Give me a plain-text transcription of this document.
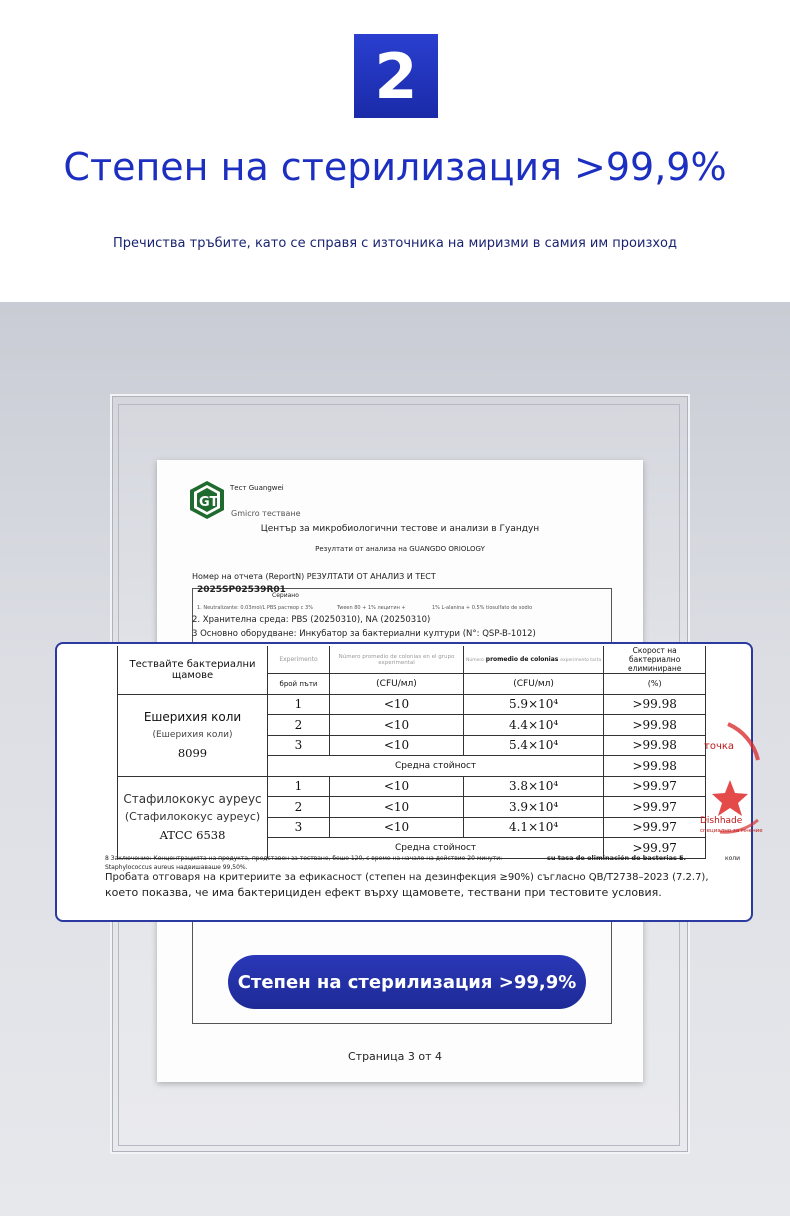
2
Степен на стерилизация >99,9%
Пречиства тръбите, като се справя с източника на миризми в самия им произход
GT
Тест Guangwei
Gmicro тестване
Център за микробиологични тестове и анализи в Гуандун
Резултати от анализа на GUANGDO ORIOLOGY
Номер на отчета (ReportN) РЕЗУЛТАТИ ОТ АНАЛИЗ И ТЕСТ
2025SP02539R01
Сериано
1. Neutralizante: 0.03mol/L PBS раствор с 3%	Tween 80 + 1% лецитин +	1% L-alanina + 0.5% tiosulfato de sodio
2. Хранителна среда: PBS (20250310), NA (20250310)
3 Основно оборудване: Инкубатор за бактериални култури (N°: QSP-B-1012)
Тествайте бактериални щамове	Experimento	Número promedio de colonias en el grupo experimental	Número promedio de colonias experimento tarta	Скорост на бактериално елиминиране
	брой пъти	(CFU/мл)	(CFU/мл)	(%)

Ешерихия коли
(Ешерихия коли)
8099	1	<10	5.9×10⁴	>99.98
	2	<10	4.4×10⁴	>99.98
	3	<10	5.4×10⁴	>99.98
	Средна стойност			>99.98

Стафилококус ауреус
(Стафилококус ауреус)
ATCC 6538	1	<10	3.8×10⁴	>99.97
	2	<10	3.9×10⁴	>99.97
	3	<10	4.1×10⁴	>99.97
	Средна стойност			>99.97
8 Заключение: Концентрацията на продукта, представен за тестване, беше 120, с време на начало на действие 20 минути:	su tasa de eliminación de bacterias E.	коли
Staphylococcus aureus надвишаваше 99,50%.
Пробата отговаря на критериите за ефикасност (степен на дезинфекция ≥90%) съгласно QB/T2738–2023 (7.2.7),
което показва, че има бактерициден ефект върху щамовете, тествани при тестовите условия.
точка
Dishhade
специално за мнение
Степен на стерилизация >99,9%
Страница 3 от 4
